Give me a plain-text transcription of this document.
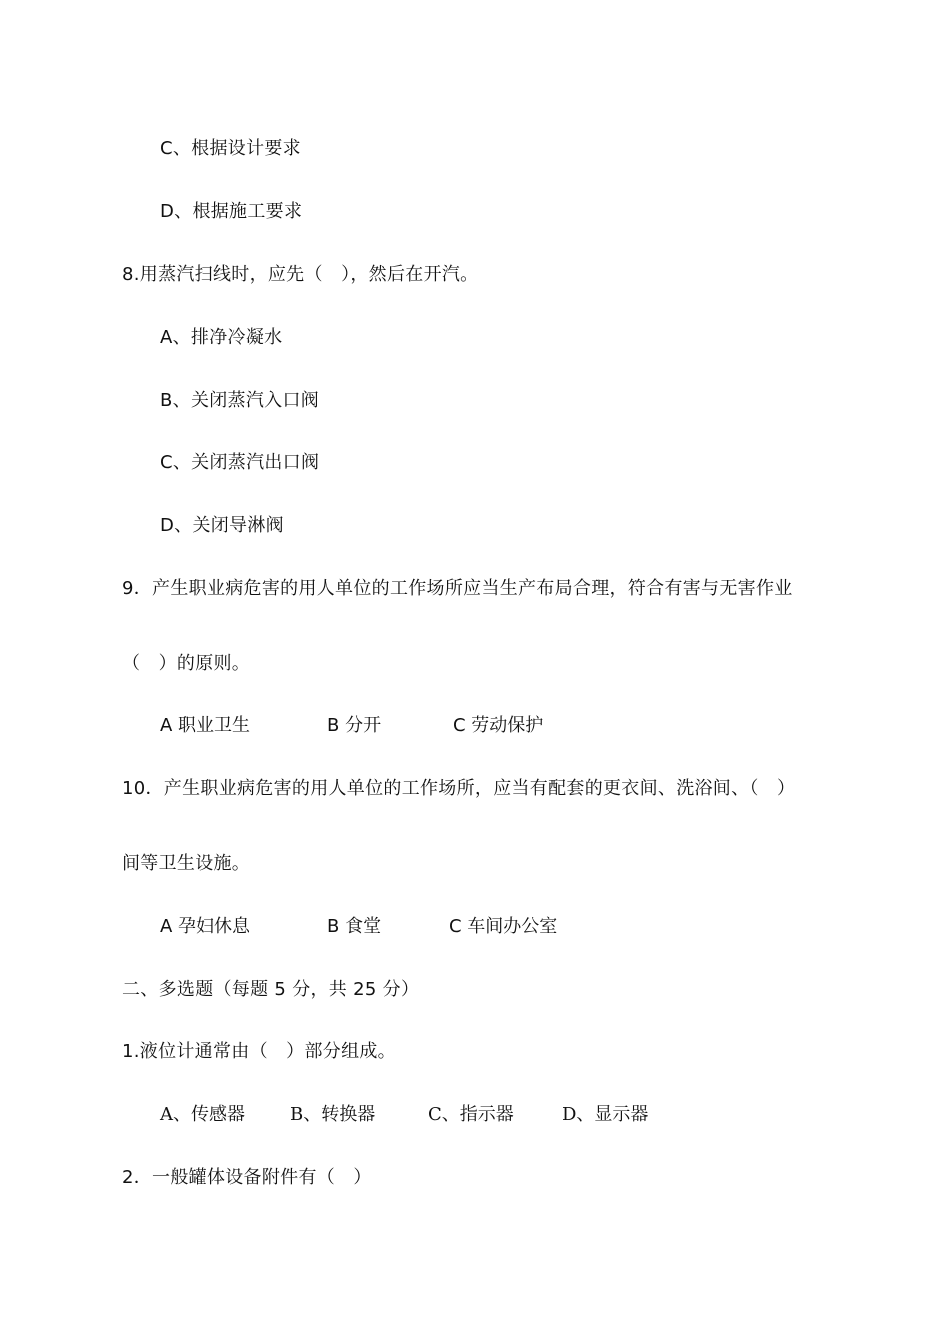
C、根据设计要求
D、根据施工要求
8.用蒸汽扫线时，应先（　），然后在开汽。
A、排净冷凝水
B、关闭蒸汽入口阀
C、关闭蒸汽出口阀
D、关闭导淋阀
9．产生职业病危害的用人单位的工作场所应当生产布局合理，符合有害与无害作业
（　）的原则。
A 职业卫生	B 分开	C 劳动保护
10．产生职业病危害的用人单位的工作场所，应当有配套的更衣间、洗浴间、（　）
间等卫生设施。
A 孕妇休息	B 食堂	C 车间办公室
二、多选题（每题 5 分，共 25 分）
1.液位计通常由（　）部分组成。
A、传感器	B、转换器	C、指示器	D、显示器
2．一般罐体设备附件有（　）
